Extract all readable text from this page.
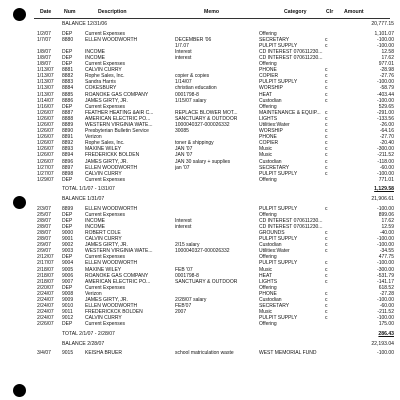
Date Num	Description	Memo	Category	Clr Amount
BALANCE 12/31/06	20,777.15
1/2/07	DEP	Current Expenses	Offering	1,101.07
1/7/07	8880	ELLEN WOODWORTH	DECEMBER '06	SECRETARY	c	-100.00
1/7.07	PULPIT SUPPLY	c	-100.00
1/8/07	DEP	INCOME	Interest	CD INTEREST 070611230...	12.58
1/8/07	DEP	INCOME	interest	CD INTEREST 070611230...	17.62
1/8/07	DEP	Current Expenses	Offering	977.01
1/13/07	8881	CALVIN CURRY	PHONE	c	-28.98
1/13/07	8882	Rophe Sales, Inc.	copier & copies	COPIER	c	-27.76
1/13/07	8883	Sandra Harris	1/14/07	PULPIT SUPPLY	c	-100.00
1/13/07	8884	COKESBURY	christian education	WORSHIP	c	-58.79
1/13/07	8885	ROANOKE GAS COMPANY	0001798-8	HEAT	c	-403.44
1/14/07	8886	JAMES GIRTY, JR.	1/15/07 salary	Custodian	c	-100.00
1/16/07	DEP	Current Expenses	Offering	529.65
1/26/07	8887	FEATHER HEATING &AIR C...	REPLACE BLOWER MOT...	MAINTENANCE & EQUIP... c	-291.00
1/26/07	8888	AMERICAN ELECTRIC PO...	SANCTUARY & OUTDOOR	LIGHTS	c	-133.56
1/26/07	8889	WESTERN VIRGINIA WATE...	1000040327-000026332	Utilities:Water	c	-26.00
1/26/07	8890	Presbyterian Bulletin Service	30085	WORSHIP	c	-64.16
1/26/07	8891	Verizon	PHONE	c	-27.70
1/26/07	8892	Rophe Sales, Inc.	toner & shippingy	COPIER	c	-20.40
1/26/07	8893	MAXINE WILEY	JAN '07	Music	c	-300.00
1/26/07	8894	FREDERICKK BOLDEN	JAN '07	Music	c	-211.52
1/26/07	8896	JAMES GIRTY, JR.	JAN 30 salary + supplies	Custodian	c	-118.00
1/27/07	8897	ELLEN WOODWORTH	jan '07	SECRETARY	c	-60.00
1/27/07	8898	CALVIN CURRY	PULPIT SUPPLY	c	-100.00
1/29/07	DEP	Current Expenses	Offering	771.01
TOTAL 1/1/07 - 1/31/07	1,129.58
BALANCE 1/31/07	21,906.61
2/3/07	8899	ELLEN WOODWORTH	PULPIT SUPPLY	c	-100.00
2/5/07	DEP	Current Expenses	Offering	899.06
2/8/07	DEP	INCOME	Interest	CD INTEREST 070611230...	17.62
2/8/07	DEP	INCOME	interest	CD INTEREST 070611230...	12.59
2/8/07	9000	ROBERT COLE	GROUNDS	c	-40.00
2/8/07	9001	CALVIN CURRY	PULPIT SUPPLY	c	-100.00
2/9/07	9002	JAMES GIRTY, JR.	2/15 salary	Custodian	c	-100.00
2/9/07	9003	WESTERN VIRGINIA WATE...	1000040327-000026332	Utilities:Water	c	-34.55
2/12/07	DEP	Current Expenses	Offering	477.75
2/17/07	9004	ELLEN WOODWORTH	PULPIT SUPPLY	c	-100.00
2/18/07	9005	MAXINE WILEY	FEB '07	Music	c	-300.00
2/18/07	9006	ROANOKE GAS COMPANY	0001798-8	HEAT	c	-531.79
2/18/07	9007	AMERICAN ELECTRIC PO...	SANCTUARY & OUTDOOR	LIGHTS	c	-141.17
2/20/07	DEP	Current Expenses	Offering	618.52
2/24/07	9008	Verizon	PHONE	c	-27.28
2/24/07	9009	JAMES GIRTY, JR.	2/28/07 salary	Custodian	c	-100.00
2/24/07	9010	ELLEN WOODWORTH	FEB'07	SECRETARY	c	-60.00
2/24/07	9011	FREDERICKCK BOLDEN	2007	Music	c	-211.52
2/24/07	9012	CALVIN CURRY	PULPIT SUPPLY	c	-100.00
2/26/07	DEP	Current Expenses	Offering	175.00
TOTAL 2/1/07 - 2/28/07	286.43
BALANCE 2/28/07	22,193.04
3/4/07	9015	KEISHA BRUER	school matriculation waste	WEST MEMORIAL FUND	-100.00
